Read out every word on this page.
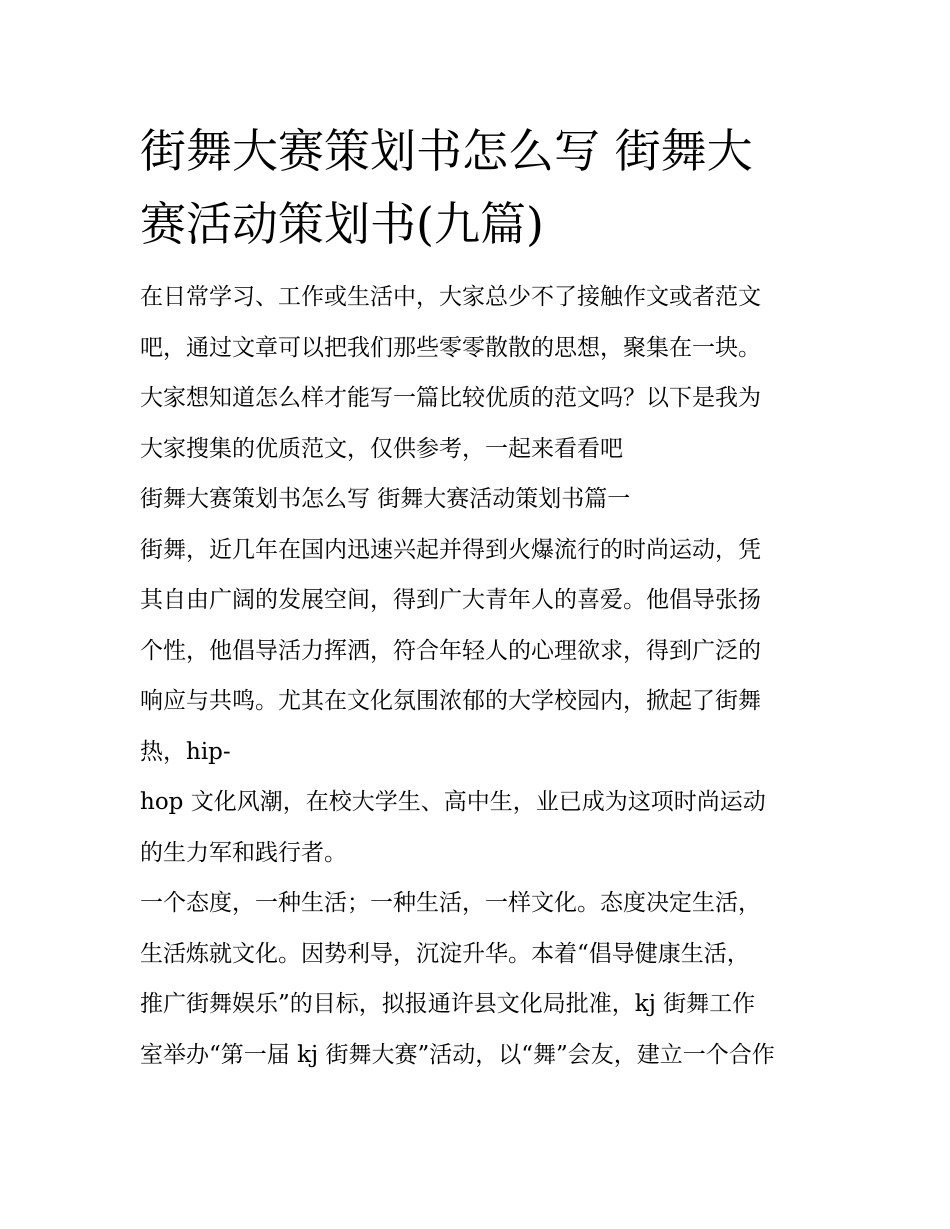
街舞大赛策划书怎么写 街舞大
赛活动策划书(九篇)

在日常学习、工作或生活中，大家总少不了接触作文或者范文
吧，通过文章可以把我们那些零零散散的思想，聚集在一块。
大家想知道怎么样才能写一篇比较优质的范文吗？以下是我为
大家搜集的优质范文，仅供参考，一起来看看吧

街舞大赛策划书怎么写 街舞大赛活动策划书篇一

街舞，近几年在国内迅速兴起并得到火爆流行的时尚运动，凭
其自由广阔的发展空间，得到广大青年人的喜爱。他倡导张扬
个性，他倡导活力挥洒，符合年轻人的心理欲求，得到广泛的
响应与共鸣。尤其在文化氛围浓郁的大学校园内，掀起了街舞
热，hip-

hop 文化风潮，在校大学生、高中生，业已成为这项时尚运动
的生力军和践行者。

一个态度，一种生活；一种生活，一样文化。态度决定生活，
生活炼就文化。因势利导，沉淀升华。本着“倡导健康生活，
推广街舞娱乐”的目标，拟报通许县文化局批准，kj 街舞工作
室举办“第一届 kj 街舞大赛”活动，以“舞”会友，建立一个合作
